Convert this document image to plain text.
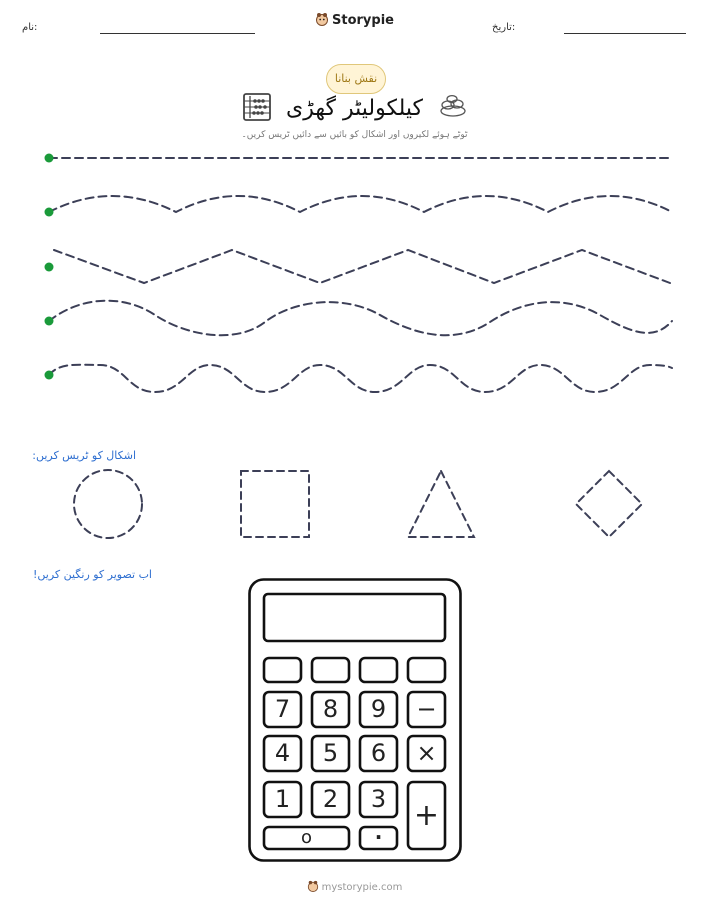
نام:	Storypie	تاریخ:
نقش بنانا
کیلکولیٹر گھڑی
ٹوٹے ہوئے لکیروں اور اشکال کو بائیں سے دائیں ٹریس کریں۔
اشکال کو ٹریس کریں:
اب تصویر کو رنگین کریں!
7	8	9	−
4	5	6	×
1	2	3 +
o	·
mystorypie.com
